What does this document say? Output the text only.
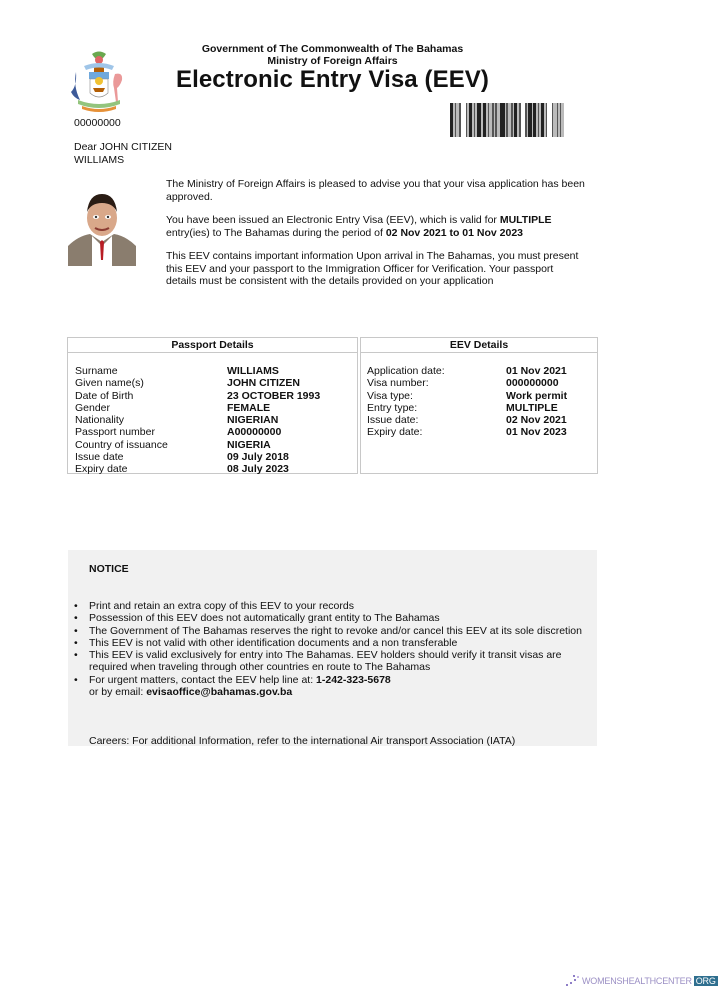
Government of The Commonwealth of The Bahamas
Ministry of Foreign Affairs
Electronic Entry Visa (EEV)
00000000
Dear JOHN CITIZEN
WILLIAMS

The Ministry of Foreign Affairs is pleased to advise you that your visa application has been approved.

You have been issued an Electronic Entry Visa (EEV), which is valid for MULTIPLE entry(ies) to The Bahamas during the period of 02 Nov 2021 to 01 Nov 2023

This EEV contains important information Upon arrival in The Bahamas, you must present this EEV and your passport to the Immigration Officer for Verification. Your passport details must be consistent with the details provided on your application

Passport Details
Surname	WILLIAMS
Given name(s)	JOHN CITIZEN
Date of Birth	23 OCTOBER 1993
Gender	FEMALE
Nationality	NIGERIAN
Passport number	A00000000
Country of issuance	NIGERIA
Issue date	09 July 2018
Expiry date	08 July 2023
EEV Details
Application date:	01 Nov 2021
Visa number:	000000000
Visa type:	Work permit
Entry type:	MULTIPLE
Issue date:	02 Nov 2021
Expiry date:	01 Nov 2023
NOTICE
• Print and retain an extra copy of this EEV to your records
• Possession of this EEV does not automatically grant entity to The Bahamas
• The Government of The Bahamas reserves the right to revoke and/or cancel this EEV at its sole discretion
• This EEV is not valid with other identification documents and a non transferable
• This EEV is valid exclusively for entry into The Bahamas. EEV holders should verify it transit visas are required when traveling through other countries en route to The Bahamas
• For urgent matters, contact the EEV help line at: 1-242-323-5678
or by email: evisaoffice@bahamas.gov.ba
Careers: For additional Information, refer to the international Air transport Association (IATA)
WOMENSHEALTHCENTER ORG
